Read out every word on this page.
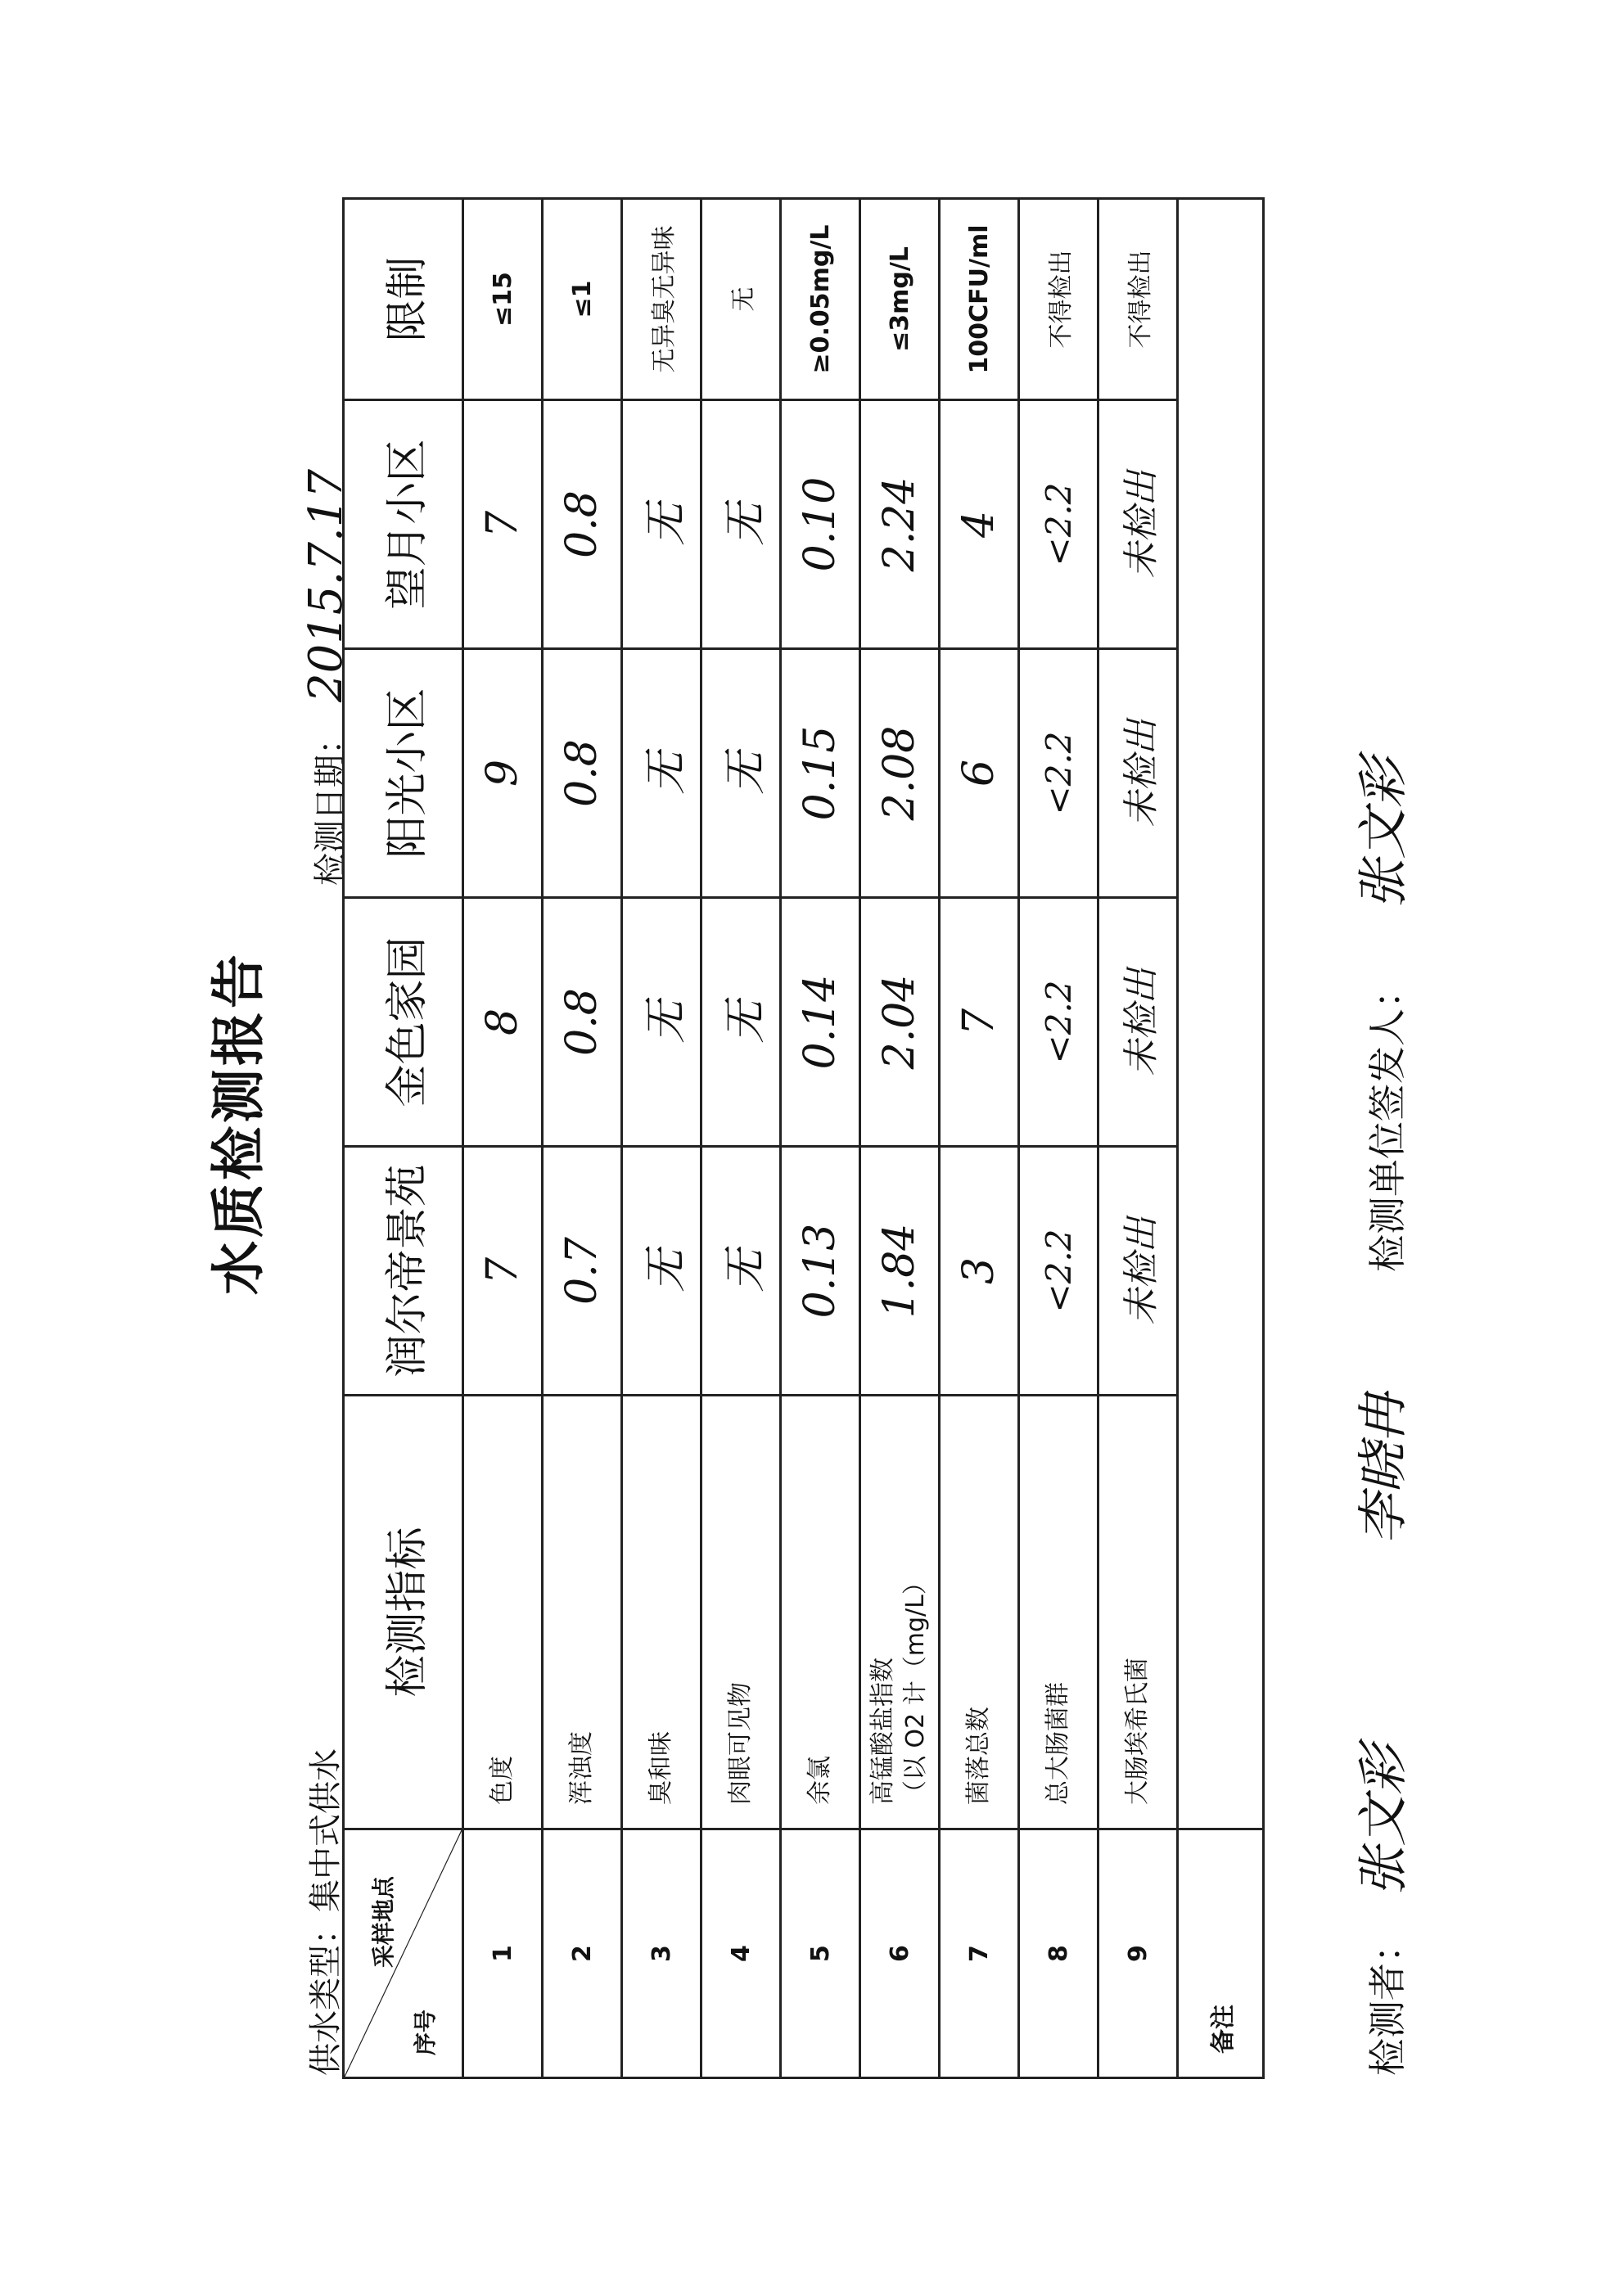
水质检测报告
供水类型：集中式供水
检测日期：2015.7.17
采样地点
序号	检测指标	润尔帝景苑	金色家园	阳光小区	望月小区	限制
1	色度	7	8	9	7	≤15
2	浑浊度	0.7	0.8	0.8	0.8	≤1
3	臭和味	无	无	无	无	无异臭无异味
4	肉眼可见物	无	无	无	无	无
5	余氯	0.13	0.14	0.15	0.10	≥0.05mg/L
6	高锰酸盐指数 （以 O2 计（mg/L）	1.84	2.04	2.08	2.24	≤3mg/L
7	菌落总数	3	7	6	4	100CFU/ml
8	总大肠菌群	<2.2	<2.2	<2.2	<2.2	不得检出
9	大肠埃希氏菌	未检出	未检出	未检出	未检出	不得检出
备注							检测者： 张文彩 李晓冉
检测单位签发人： 张文彩
